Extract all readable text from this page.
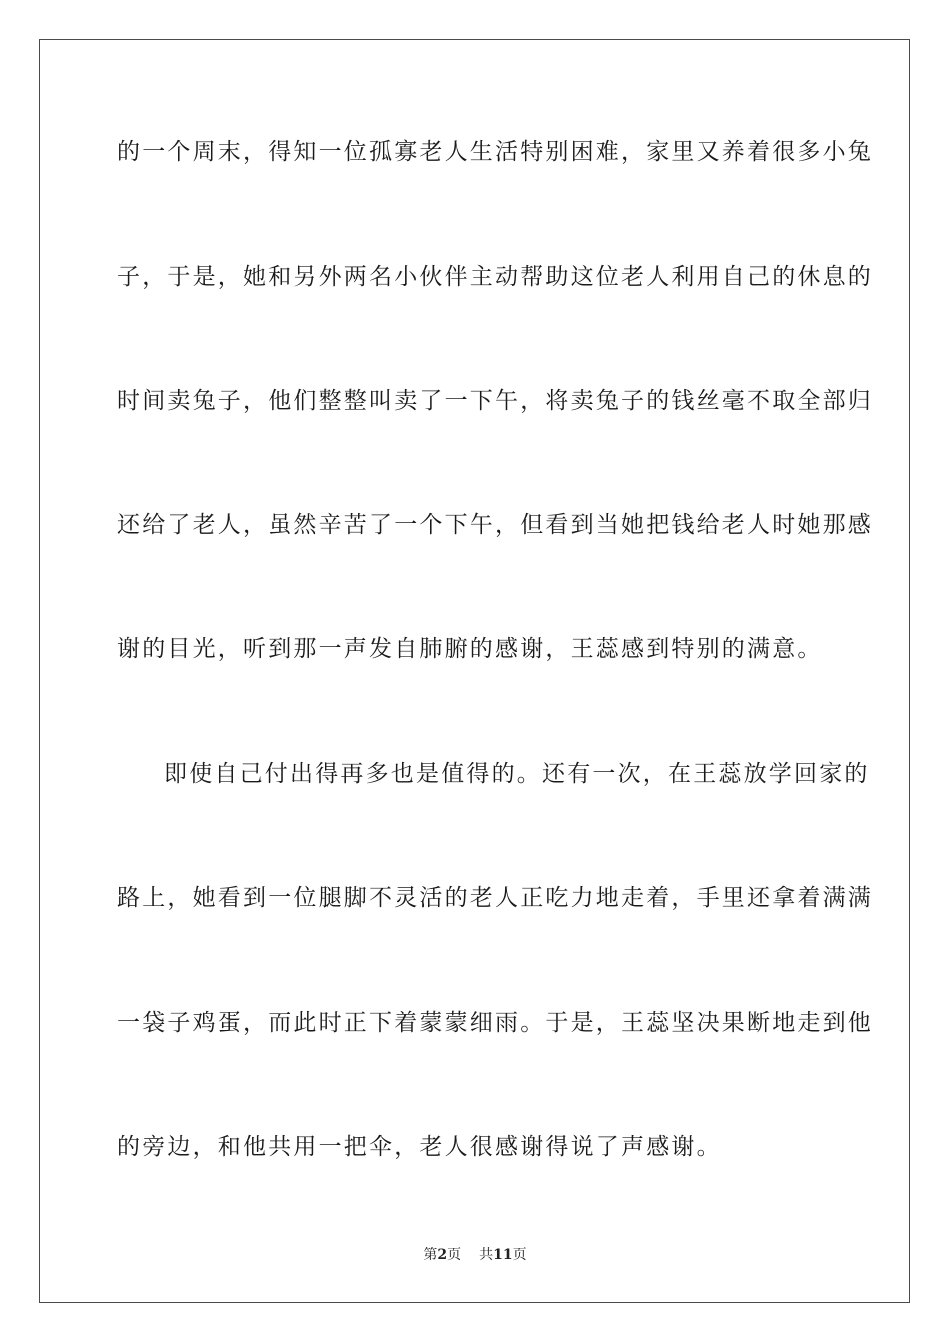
的一个周末，得知一位孤寡老人生活特别困难，家里又养着很多小兔
子，于是，她和另外两名小伙伴主动帮助这位老人利用自己的休息的
时间卖兔子，他们整整叫卖了一下午，将卖兔子的钱丝毫不取全部归
还给了老人，虽然辛苦了一个下午，但看到当她把钱给老人时她那感
谢的目光，听到那一声发自肺腑的感谢，王蕊感到特别的满意。
即使自己付出得再多也是值得的。还有一次，在王蕊放学回家的
路上，她看到一位腿脚不灵活的老人正吃力地走着，手里还拿着满满
一袋子鸡蛋，而此时正下着蒙蒙细雨。于是，王蕊坚决果断地走到他
的旁边，和他共用一把伞，老人很感谢得说了声感谢。
第2页 共11页
